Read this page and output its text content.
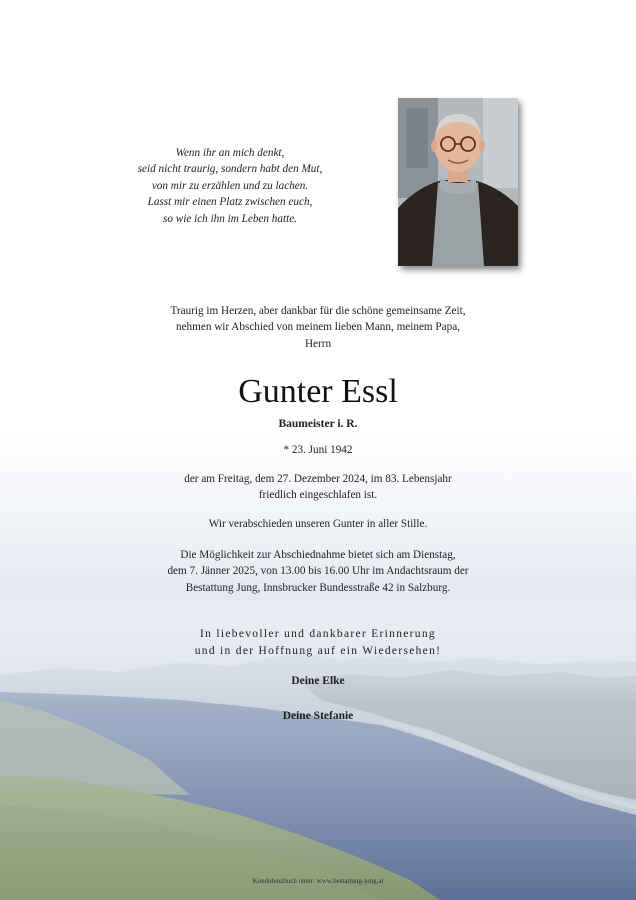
Wenn ihr an mich denkt,
seid nicht traurig, sondern habt den Mut,
von mir zu erzählen und zu lachen.
Lasst mir einen Platz zwischen euch,
so wie ich ihn im Leben hatte.
Traurig im Herzen, aber dankbar für die schöne gemeinsame Zeit,
nehmen wir Abschied von meinem lieben Mann, meinem Papa,
Herrn
Gunter Essl
Baumeister i. R.
* 23. Juni 1942
der am Freitag, dem 27. Dezember 2024, im 83. Lebensjahr
friedlich eingeschlafen ist.
Wir verabschieden unseren Gunter in aller Stille.
Die Möglichkeit zur Abschiednahme bietet sich am Dienstag,
dem 7. Jänner 2025, von 13.00 bis 16.00 Uhr im Andachtsraum der
Bestattung Jung, Innsbrucker Bundesstraße 42 in Salzburg.
In liebevoller und dankbarer Erinnerung
und in der Hoffnung auf ein Wiedersehen!
Deine Elke
Deine Stefanie
Kondolenzbuch unter: www.bestattung-jung.at
